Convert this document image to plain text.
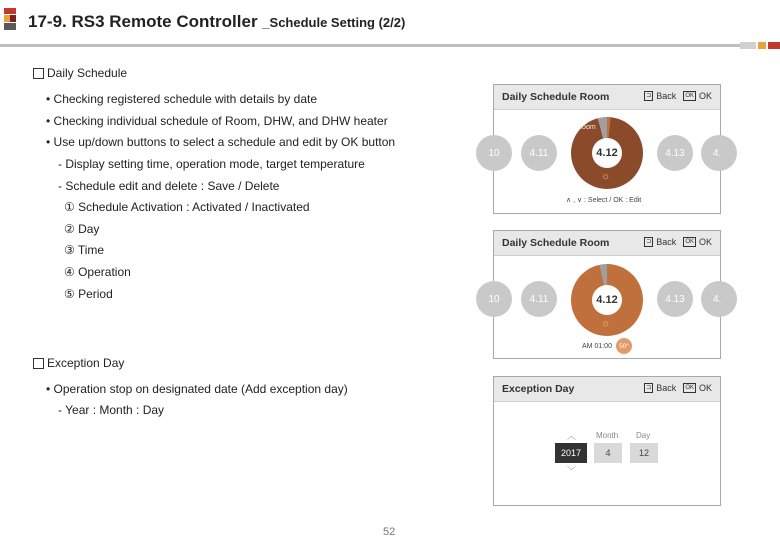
17-9. RS3 Remote Controller _Schedule Setting (2/2)
Daily Schedule
• Checking registered schedule with details by date
• Checking individual schedule of Room, DHW, and DHW heater
• Use up/down buttons to select a schedule and edit by OK button
- Display setting time, operation mode, target temperature
- Schedule edit and delete : Save / Delete
① Schedule Activation : Activated / Inactivated
② Day
③ Time
④ Operation
⑤ Period
Exception Day
• Operation stop on designated date (Add exception day)
- Year : Month : Day
52
Daily Schedule Room	⊐ Back	OK OK
10	4.11	4.12
Room
☼
4.13	4.
∧ , ∨ : Select / OK : Edit
Daily Schedule Room	⊐ Back	OK OK
10	4.11	4.12
☼
4.13	4.
AM 01:00	50°
Exception Day	⊐ Back	OK OK
︿ Month Day
2017	4	12
﹀
